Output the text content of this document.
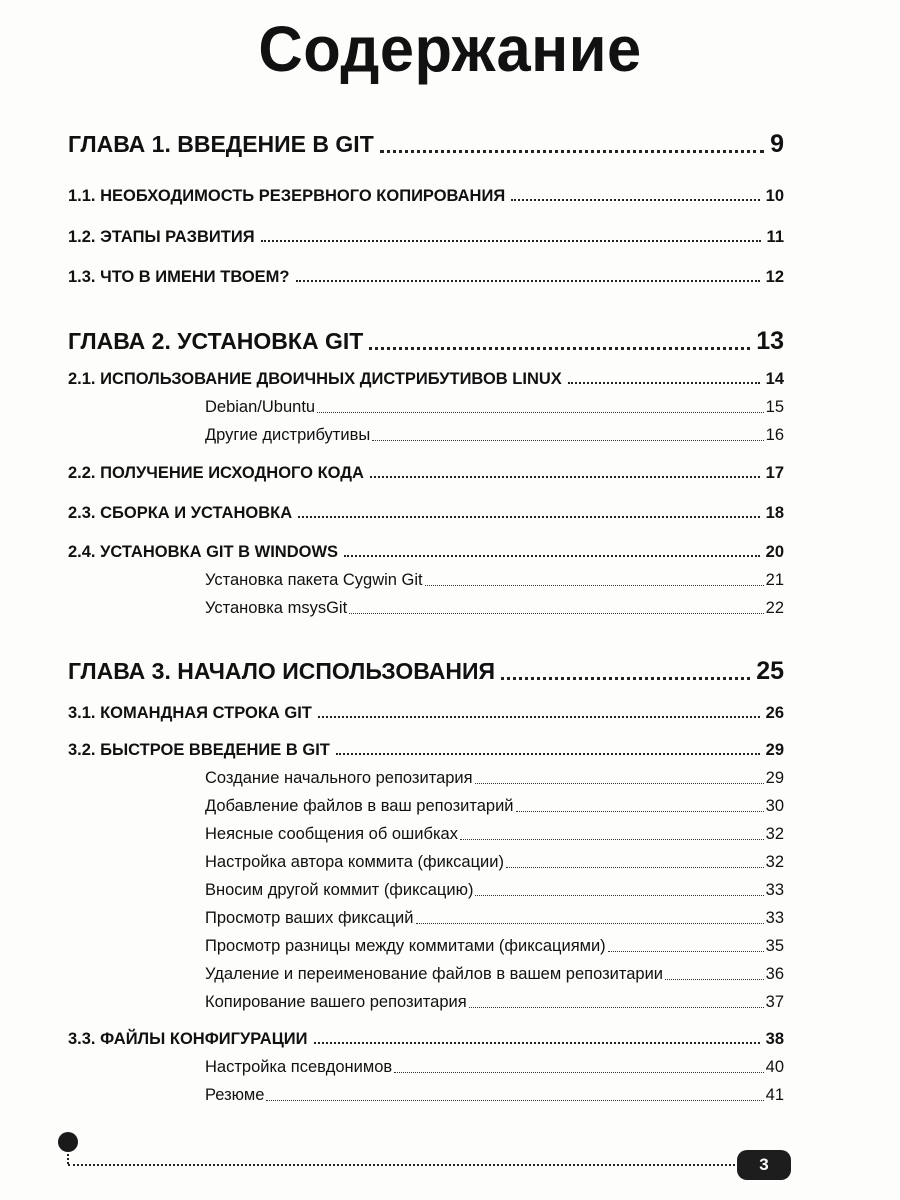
Содержание
ГЛАВА 1. ВВЕДЕНИЕ В GIT	9
1.1. НЕОБХОДИМОСТЬ РЕЗЕРВНОГО КОПИРОВАНИЯ	10
1.2. ЭТАПЫ РАЗВИТИЯ	11
1.3. ЧТО В ИМЕНИ ТВОЕМ?	12
ГЛАВА 2. УСТАНОВКА GIT	13
2.1. ИСПОЛЬЗОВАНИЕ ДВОИЧНЫХ ДИСТРИБУТИВОВ LINUX	14
Debian/Ubuntu	15
Другие дистрибутивы	16
2.2. ПОЛУЧЕНИЕ ИСХОДНОГО КОДА	17
2.3. СБОРКА И УСТАНОВКА	18
2.4. УСТАНОВКА GIT В WINDOWS	20
Установка пакета Cygwin Git	21
Установка msysGit	22
ГЛАВА 3. НАЧАЛО ИСПОЛЬЗОВАНИЯ	25
3.1. КОМАНДНАЯ СТРОКА GIT	26
3.2. БЫСТРОЕ ВВЕДЕНИЕ В GIT	29
Создание начального репозитария	29
Добавление файлов в ваш репозитарий	30
Неясные сообщения об ошибках	32
Настройка автора коммита (фиксации)	32
Вносим другой коммит (фиксацию)	33
Просмотр ваших фиксаций	33
Просмотр разницы между коммитами (фиксациями)	35
Удаление и переименование файлов в вашем репозитарии	36
Копирование вашего репозитария	37
3.3. ФАЙЛЫ КОНФИГУРАЦИИ	38
Настройка псевдонимов	40
Резюме	41
3
